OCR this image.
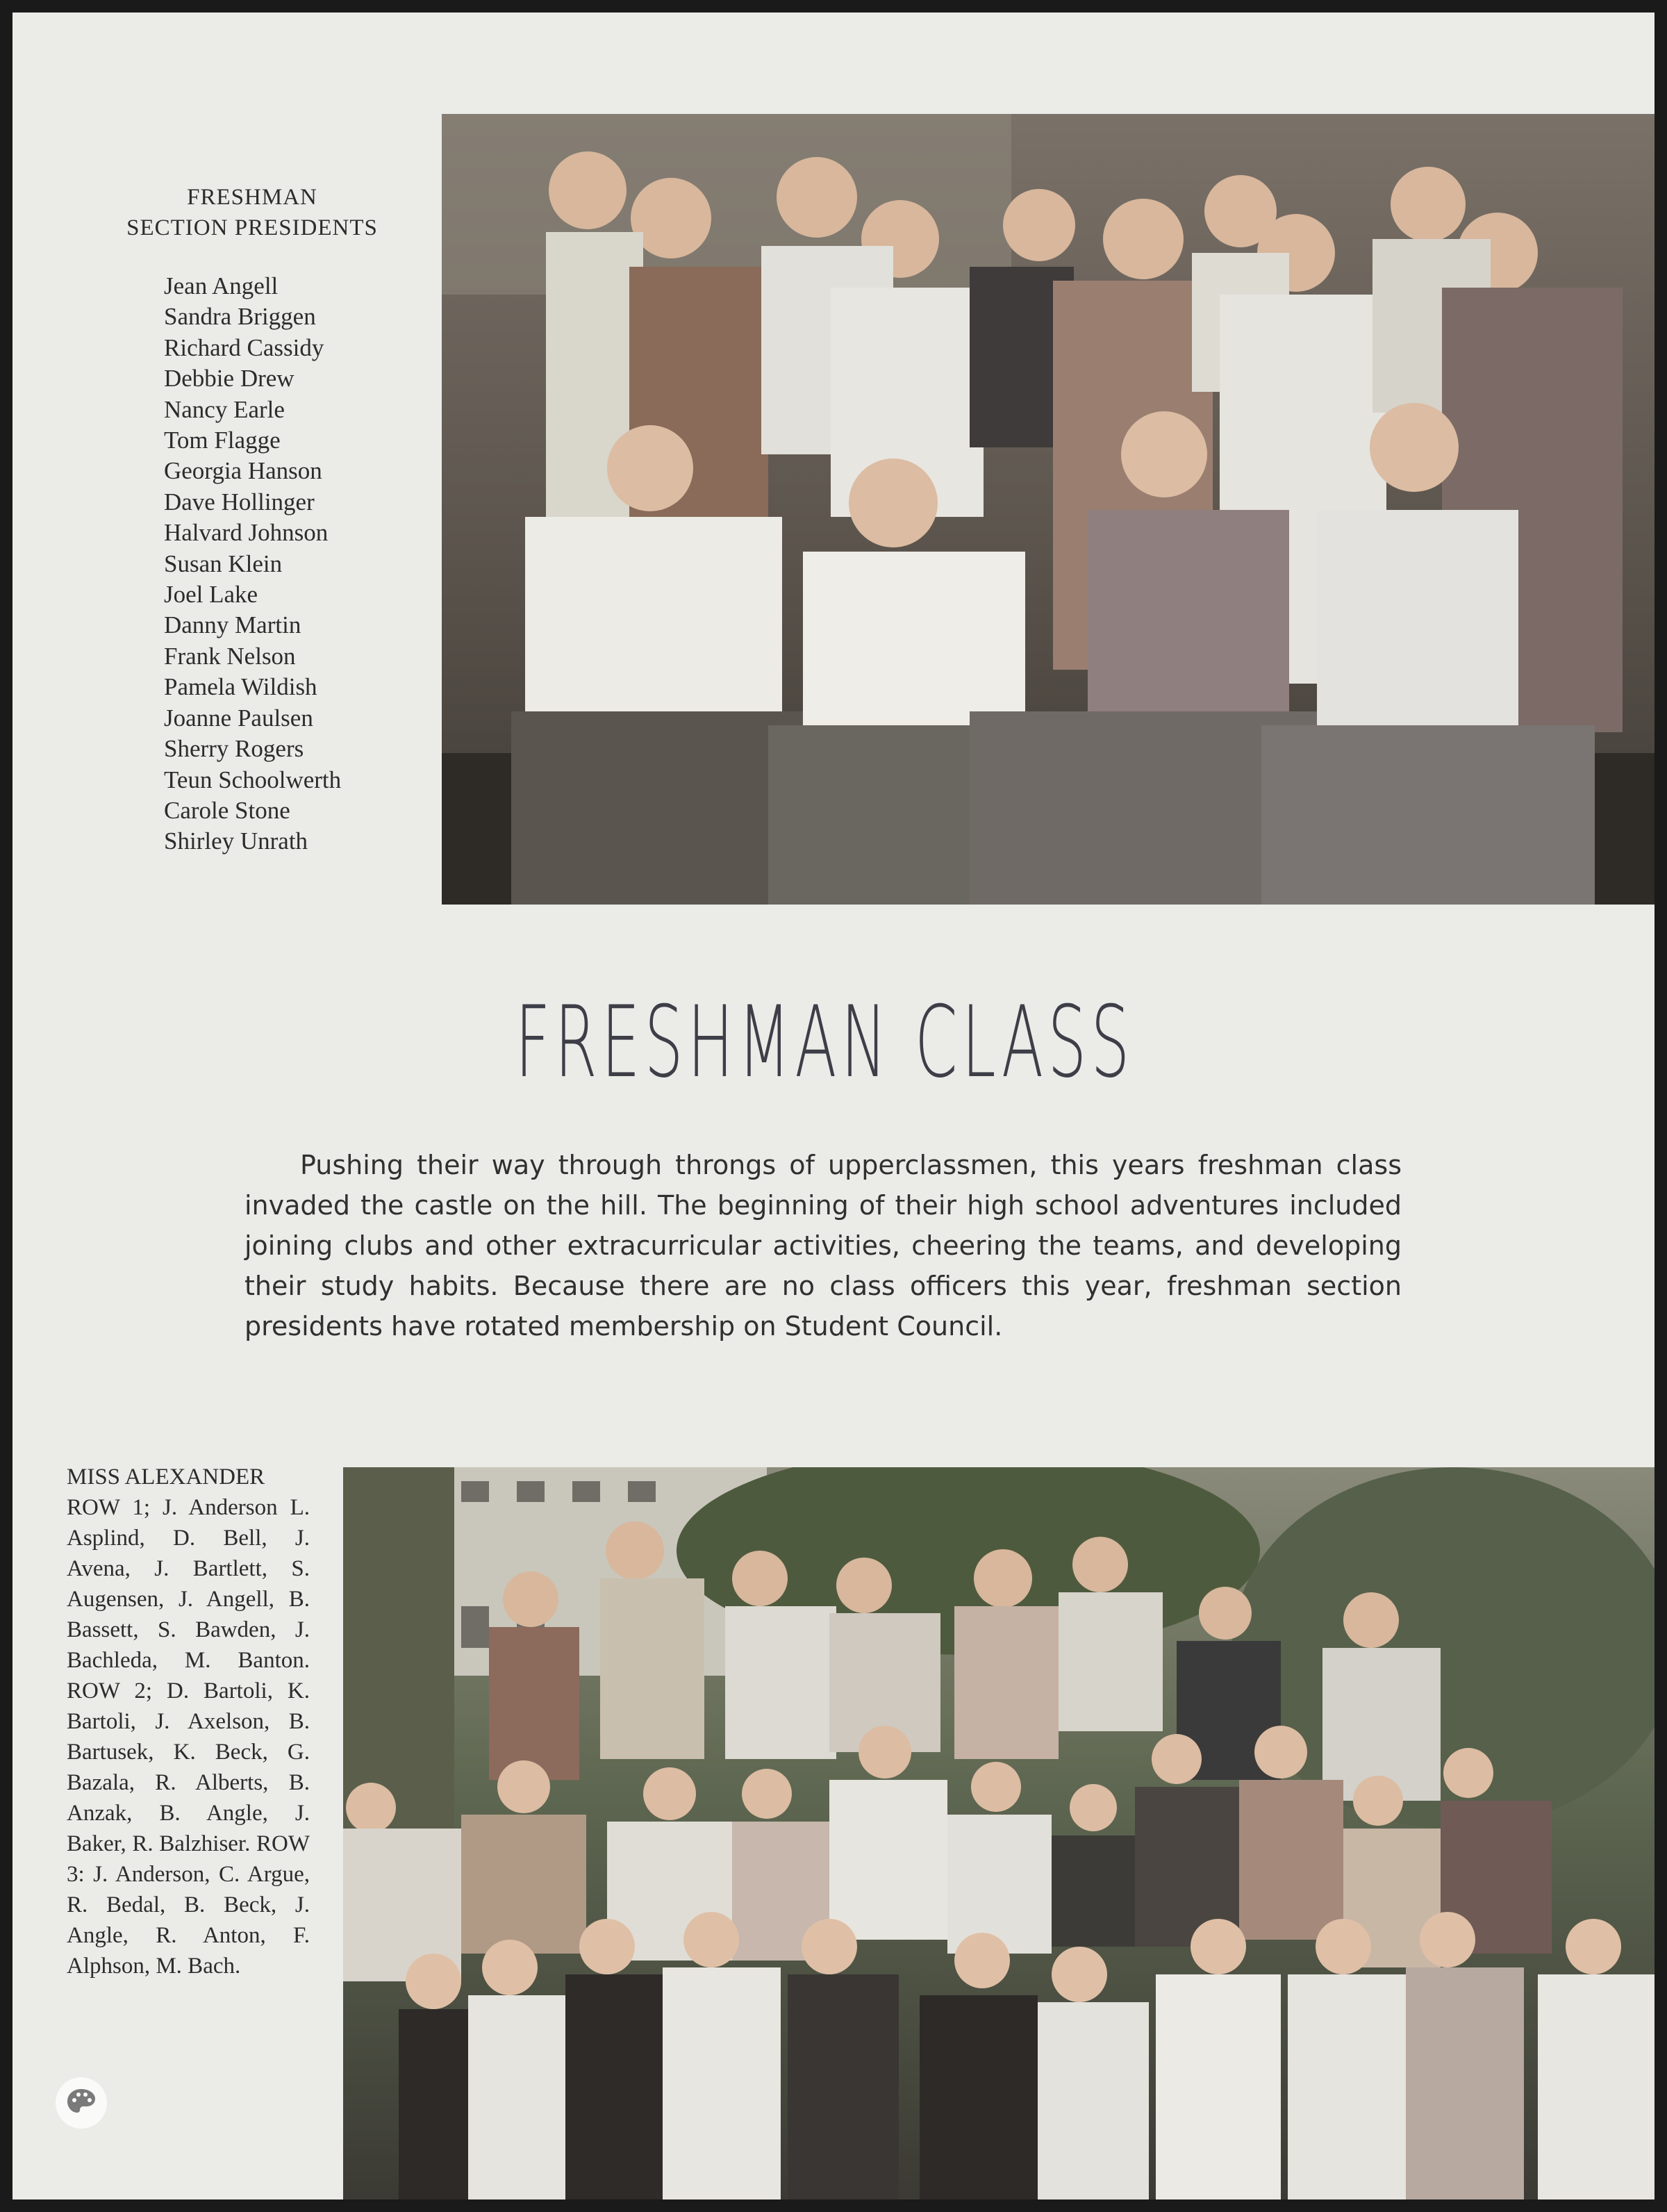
FRESHMAN

SECTION PRESIDENTS

Jean Angell
Sandra Briggen
Richard Cassidy
Debbie Drew
Nancy Earle
Tom Flagge
Georgia Hanson
Dave Hollinger
Halvard Johnson
Susan Klein
Joel Lake
Danny Martin
Frank Nelson
Pamela Wildish
Joanne Paulsen
Sherry Rogers
Teun Schoolwerth
Carole Stone
Shirley Unrath
FRESHMAN CLASS

Pushing their way through throngs of upperclassmen, this years freshman class invaded the castle on the hill. The beginning of their high school adventures included joining clubs and other extracurricular activities, cheering the teams, and developing their study habits. Because there are no class officers this year, freshman section presidents have rotated membership on Student Council.

MISS ALEXANDER
ROW 1; J. Anderson L. Asplind, D. Bell, J. Avena, J. Bartlett, S. Augensen, J. Angell, B. Bassett, S. Bawden, J. Bachleda, M. Banton. ROW 2; D. Bartoli, K. Bartoli, J. Axelson, B. Bartusek, K. Beck, G. Bazala, R. Alberts, B. Anzak, B. Angle, J. Baker, R. Balzhiser. ROW 3: J. Anderson, C. Argue, R. Bedal, B. Beck, J. Angle, R. Anton, F. Alphson, M. Bach.
